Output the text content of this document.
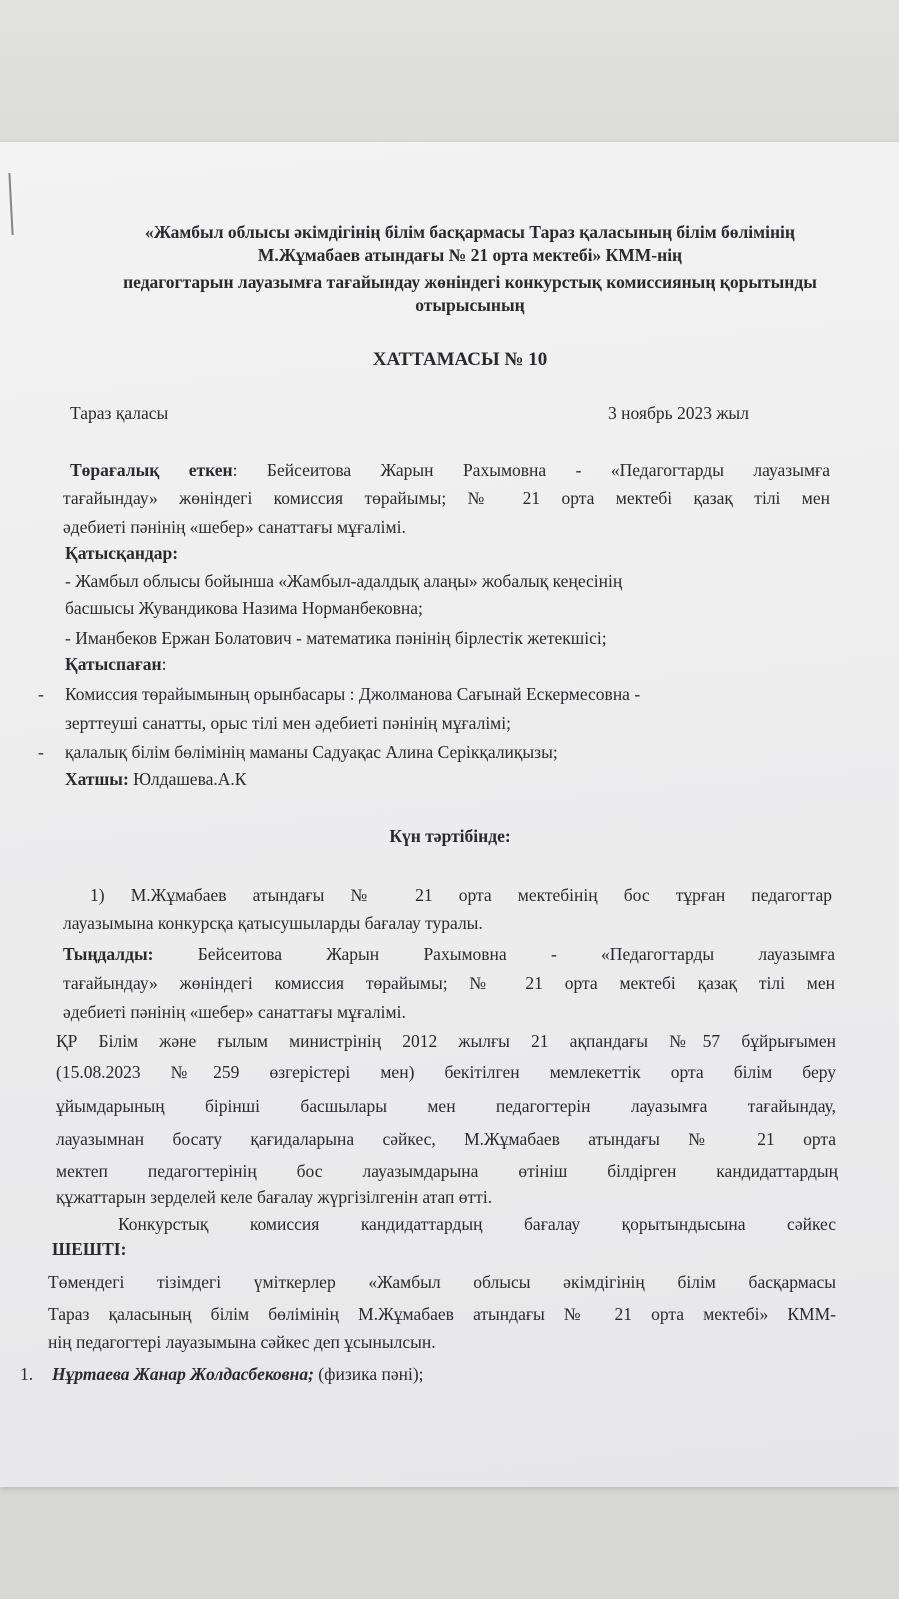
«Жамбыл облысы әкімдігінің білім басқармасы Тараз қаласының білім бөлімінің
М.Жұмабаев атындағы № 21 орта мектебі» КММ-нің
педагогтарын лауазымға тағайындау жөніндегі конкурстық комиссияның қорытынды
отырысының
ХАТТАМАСЫ № 10
Тараз қаласы	3 ноябрь 2023 жыл
Төрағалық еткен: Бейсеитова Жарын Рахымовна - «Педагогтарды лауазымға
тағайындау» жөніндегі комиссия төрайымы; № 21 орта мектебі қазақ тілі мен
әдебиеті пәнінің «шебер» санаттағы мұғалімі.
Қатысқандар:
- Жамбыл облысы бойынша «Жамбыл-адалдық алаңы» жобалық кеңесінің
басшысы Жувандикова Назима Норманбековна;
- Иманбеков Ержан Болатович - математика пәнінің бірлестік жетекшісі;
Қатыспаған:
- Комиссия төрайымының орынбасары : Джолманова Сағынай Ескермесовна -
зерттеуші санатты, орыс тілі мен әдебиеті пәнінің мұғалімі;
- қалалық білім бөлімінің маманы Садуақас Алина Серікқалиқызы;
Хатшы: Юлдашева.А.К
Күн тәртібінде:
1) М.Жұмабаев атындағы № 21 орта мектебінің бос тұрған педагогтар
лауазымына конкурсқа қатысушыларды бағалау туралы.
Тыңдалды: Бейсеитова Жарын Рахымовна - «Педагогтарды лауазымға
тағайындау» жөніндегі комиссия төрайымы; № 21 орта мектебі қазақ тілі мен
әдебиеті пәнінің «шебер» санаттағы мұғалімі.
ҚР Білім және ғылым министрінің 2012 жылғы 21 ақпандағы №57 бұйрығымен
(15.08.2023 №259 өзгерістері мен) бекітілген мемлекеттік орта білім беру
ұйымдарының бірінші басшылары мен педагогтерін лауазымға тағайындау,
лауазымнан босату қағидаларына сәйкес, М.Жұмабаев атындағы № 21 орта
мектеп педагогтерінің бос лауазымдарына өтініш білдірген кандидаттардың
құжаттарын зерделей келе бағалау жүргізілгенін атап өтті.
Конкурстық комиссия кандидаттардың бағалау қорытындысына сәйкес
ШЕШТІ:
Төмендегі тізімдегі үміткерлер «Жамбыл облысы әкімдігінің білім басқармасы
Тараз қаласының білім бөлімінің М.Жұмабаев атындағы № 21 орта мектебі» КММ-
нің педагогтері лауазымына сәйкес деп ұсынылсын.
1. Нұртаева Жанар Жолдасбековна; (физика пәні);
